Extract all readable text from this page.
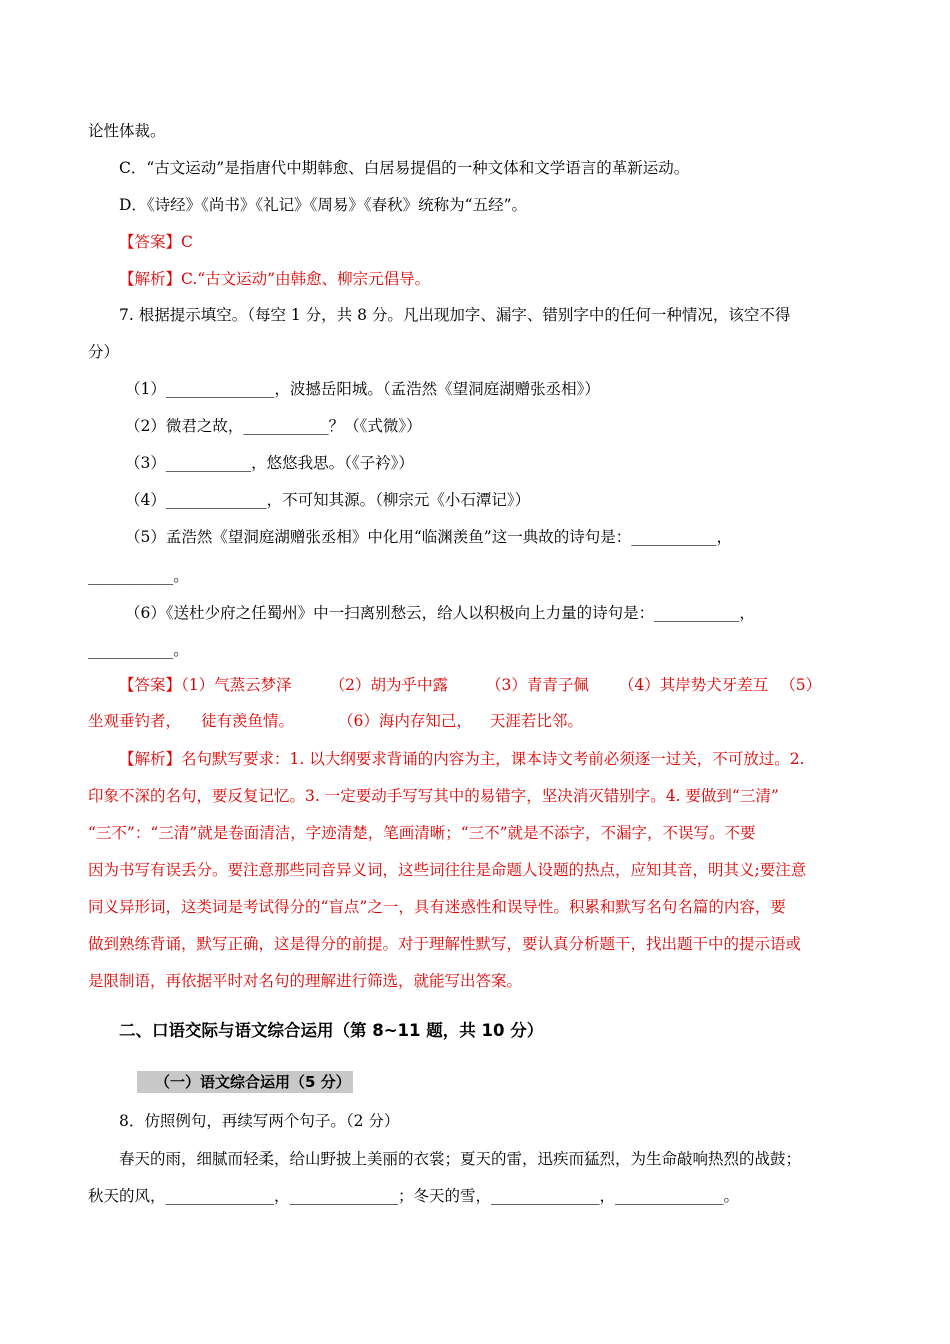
论性体裁。
C．“古文运动”是指唐代中期韩愈、白居易提倡的一种文体和文学语言的革新运动。
D．《诗经》《尚书》《礼记》《周易》《春秋》统称为“五经”。
【答案】C
【解析】C.“古文运动”由韩愈、柳宗元倡导。
7. 根据提示填空。（每空 1 分，共 8 分。凡出现加字、漏字、错别字中的任何一种情况，该空不得
分）
（1）______________，波撼岳阳城。（孟浩然《望洞庭湖赠张丞相》）
（2）微君之故，___________？（《式微》）
（3）___________，悠悠我思。（《子衿》）
（4）_____________，不可知其源。（柳宗元《小石潭记》）
（5）孟浩然《望洞庭湖赠张丞相》中化用“临渊羡鱼”这一典故的诗句是：___________，
___________。
（6）《送杜少府之任蜀州》中一扫离别愁云，给人以积极向上力量的诗句是：___________，
___________。
【答案】（1）气蒸云梦泽 （2）胡为乎中露 （3）青青子佩 （4）其岸势犬牙差互 （5）
坐观垂钓者， 徒有羡鱼情。	（6）海内存知己， 天涯若比邻。
【解析】名句默写要求：1. 以大纲要求背诵的内容为主，课本诗文考前必须逐一过关，不可放过。2.
印象不深的名句，要反复记忆。3. 一定要动手写写其中的易错字，坚决消灭错别字。4. 要做到“三清”
“三不”：“三清”就是卷面清洁，字迹清楚，笔画清晰；“三不”就是不添字，不漏字，不误写。不要
因为书写有误丢分。要注意那些同音异义词，这些词往往是命题人设题的热点，应知其音，明其义;要注意
同义异形词，这类词是考试得分的“盲点”之一，具有迷惑性和误导性。积累和默写名句名篇的内容，要
做到熟练背诵，默写正确，这是得分的前提。对于理解性默写，要认真分析题干，找出题干中的提示语或
是限制语，再依据平时对名句的理解进行筛选，就能写出答案。
二、口语交际与语文综合运用（第 8~11 题，共 10 分）
（一）语文综合运用（5 分）
8．仿照例句，再续写两个句子。（2 分）
春天的雨，细腻而轻柔，给山野披上美丽的衣裳；夏天的雷，迅疾而猛烈，为生命敲响热烈的战鼓；
秋天的风，______________，______________；冬天的雪，______________，______________。
